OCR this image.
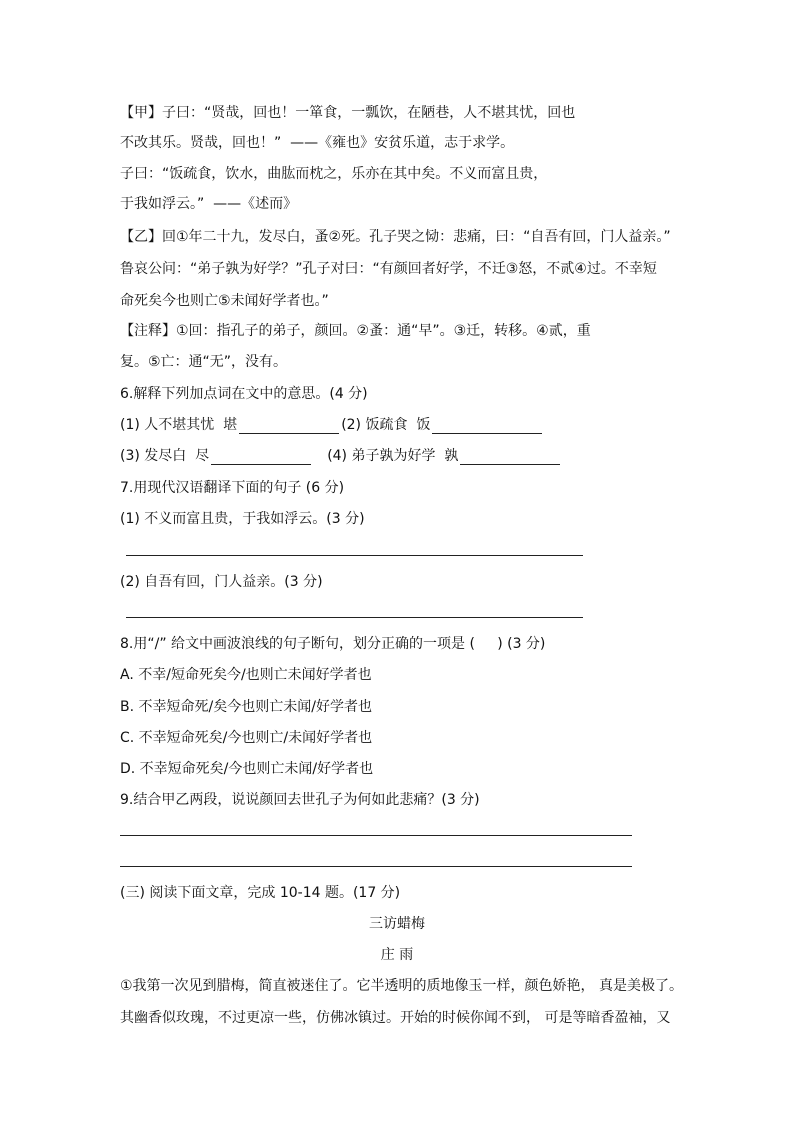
【甲】子曰：“贤哉，回也！一箪食，一瓢饮，在陋巷，人不堪其忧，回也
不改其乐。贤哉，回也！”  ——《雍也》安贫乐道，志于求学。
子曰：“饭疏食，饮水，曲肱而枕之，乐亦在其中矣。不义而富且贵，
于我如浮云。”  ——《述而》
【乙】回①年二十九，发尽白，蚤②死。孔子哭之恸：悲痛，曰：“自吾有回，门人益亲。”
鲁哀公问：“弟子孰为好学？”孔子对曰：“有颜回者好学，不迁③怒，不贰④过。不幸短
命死矣今也则亡⑤未闻好学者也。”
【注释】①回：指孔子的弟子，颜回。②蚤：通“早”。③迁，转移。④贰，重
复。⑤亡：通“无”，没有。
6.解释下列加点词在文中的意思。(4 分)
(1) 人不堪其忧  堪	(2) 饭疏食  饭
(3) 发尽白  尽	(4) 弟子孰为好学  孰
7.用现代汉语翻译下面的句子 (6 分)
(1) 不义而富且贵，于我如浮云。(3 分)
(2) 自吾有回，门人益亲。(3 分)
8.用“/” 给文中画波浪线的句子断句，划分正确的一项是 (     ) (3 分)
A. 不幸/短命死矣今/也则亡未闻好学者也
B. 不幸短命死/矣今也则亡未闻/好学者也
C. 不幸短命死矣/今也则亡/未闻好学者也
D. 不幸短命死矣/今也则亡未闻/好学者也
9.结合甲乙两段，说说颜回去世孔子为何如此悲痛？(3 分)
(三) 阅读下面文章，完成 10-14 题。(17 分)
三访蜡梅
庄 雨
①我第一次见到腊梅，简直被迷住了。它半透明的质地像玉一样，颜色娇艳， 真是美极了。
其幽香似玫瑰，不过更凉一些，仿佛冰镇过。开始的时候你闻不到， 可是等暗香盈袖，又
